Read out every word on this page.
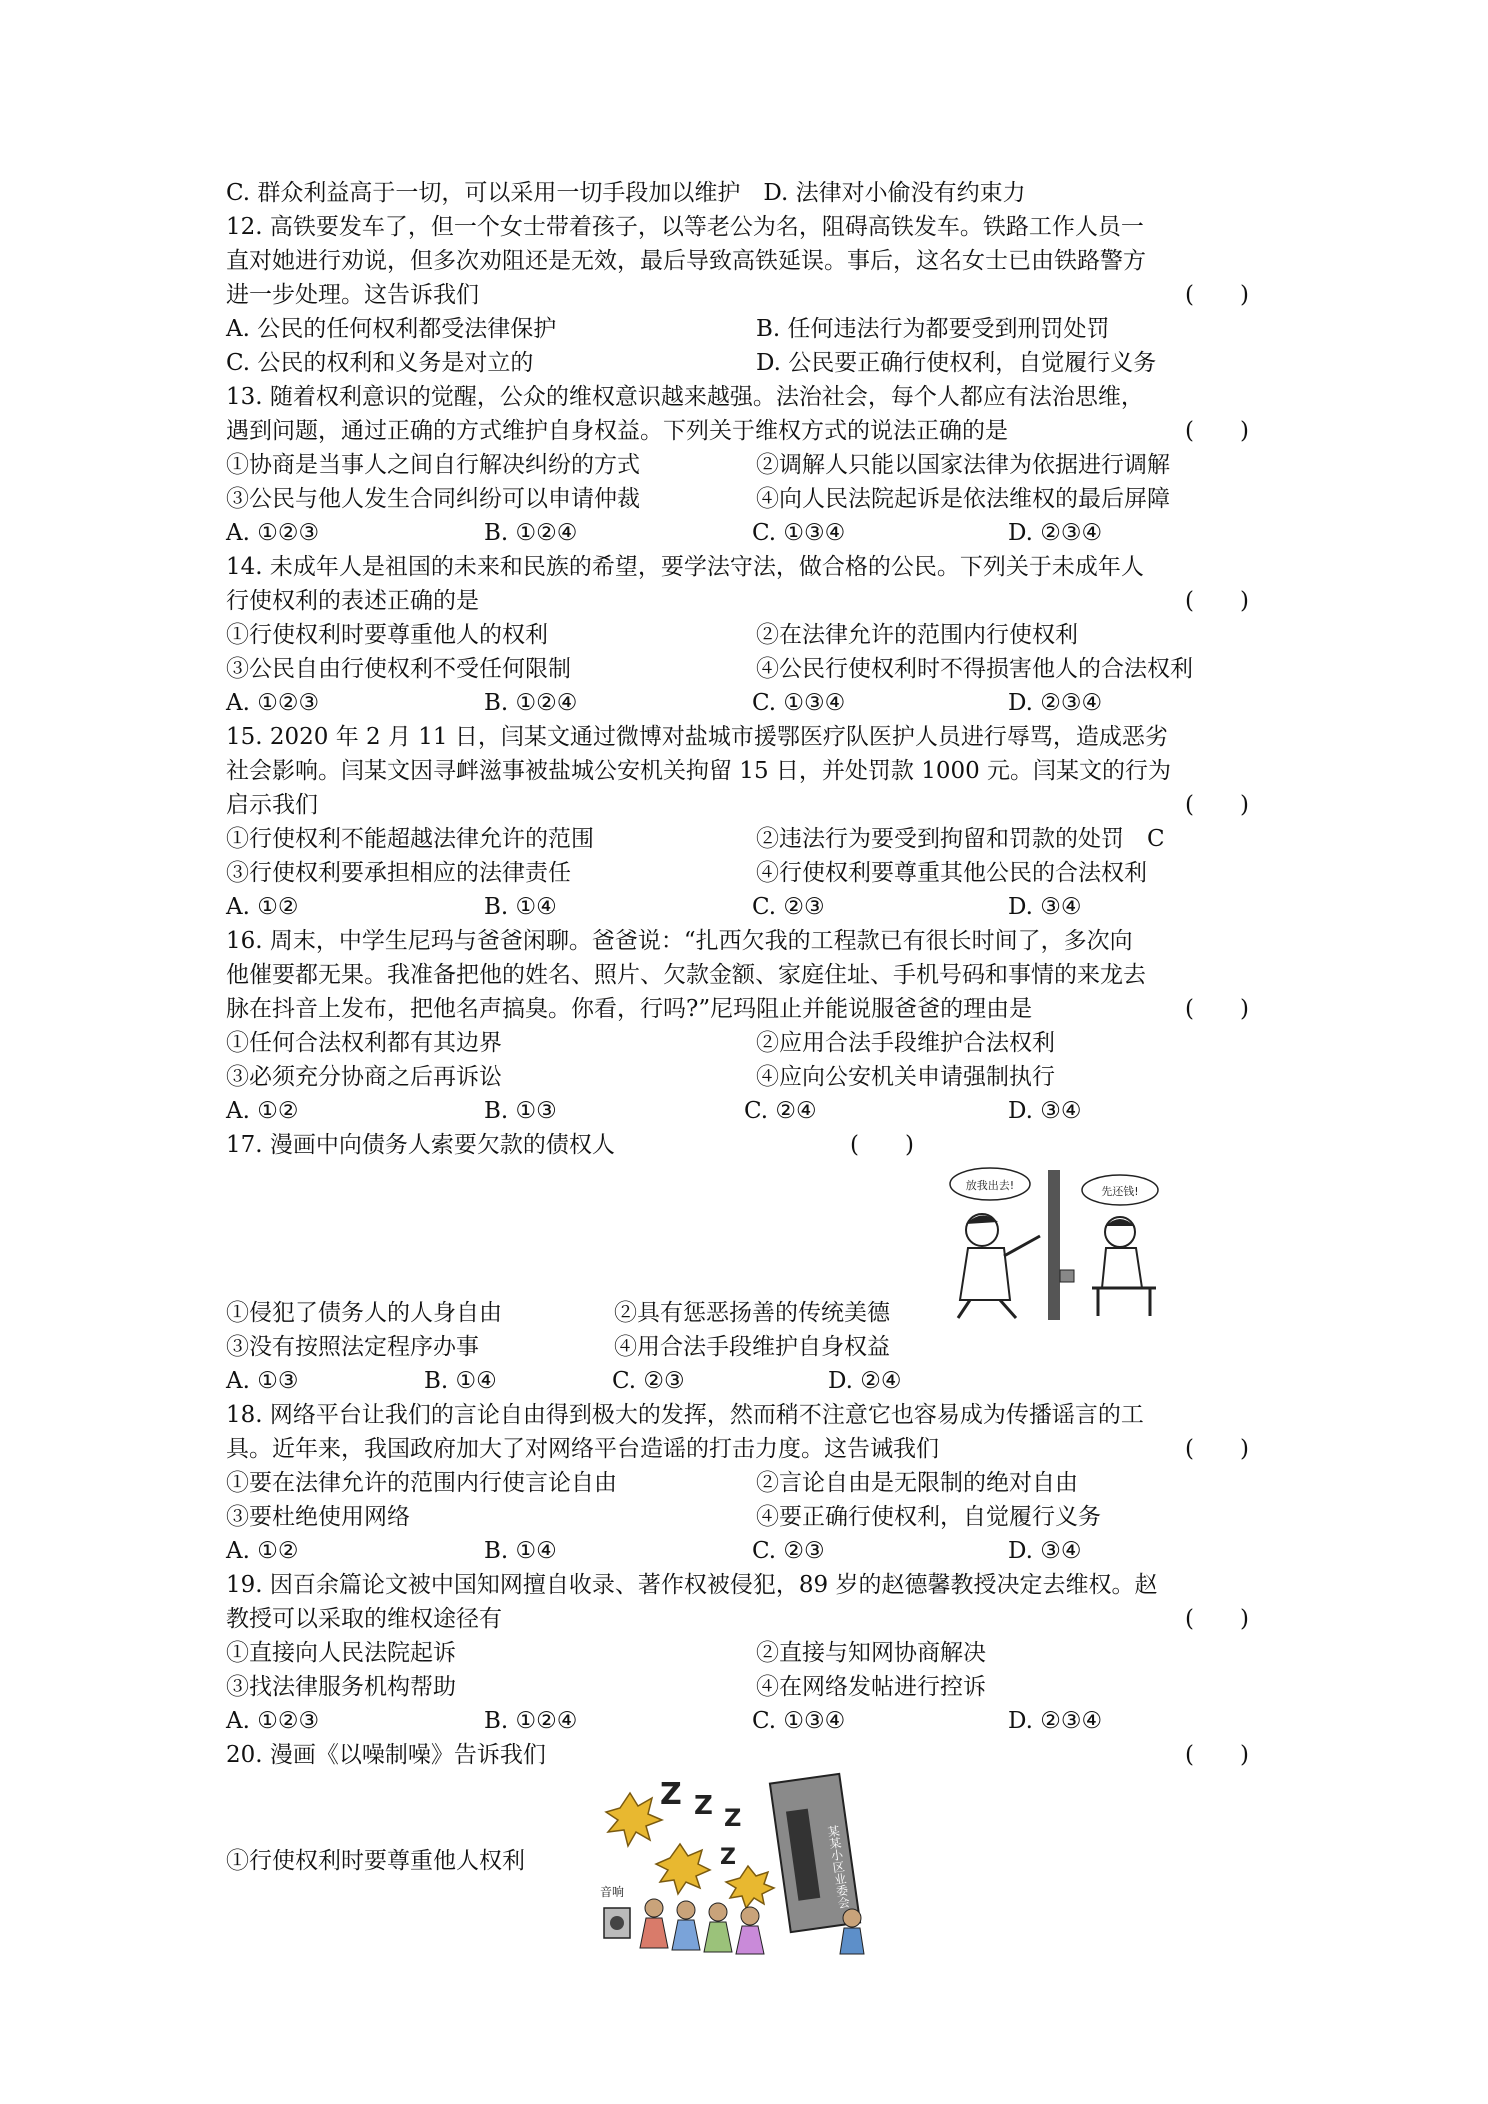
C. 群众利益高于一切，可以采用一切手段加以维护　D. 法律对小偷没有约束力
12. 高铁要发车了，但一个女士带着孩子，以等老公为名，阻碍高铁发车。铁路工作人员一
直对她进行劝说，但多次劝阻还是无效，最后导致高铁延误。事后，这名女士已由铁路警方
进一步处理。这告诉我们	(　　)
A. 公民的任何权利都受法律保护	B. 任何违法行为都要受到刑罚处罚
C. 公民的权利和义务是对立的	D. 公民要正确行使权利，自觉履行义务
13. 随着权利意识的觉醒，公众的维权意识越来越强。法治社会，每个人都应有法治思维，
遇到问题，通过正确的方式维护自身权益。下列关于维权方式的说法正确的是	(　　)
①协商是当事人之间自行解决纠纷的方式	②调解人只能以国家法律为依据进行调解
③公民与他人发生合同纠纷可以申请仲裁	④向人民法院起诉是依法维权的最后屏障
A. ①②③	B. ①②④	C. ①③④	D. ②③④
14. 未成年人是祖国的未来和民族的希望，要学法守法，做合格的公民。下列关于未成年人
行使权利的表述正确的是	(　　)
①行使权利时要尊重他人的权利	②在法律允许的范围内行使权利
③公民自由行使权利不受任何限制	④公民行使权利时不得损害他人的合法权利
A. ①②③	B. ①②④	C. ①③④	D. ②③④
15. 2020 年 2 月 11 日，闫某文通过微博对盐城市援鄂医疗队医护人员进行辱骂，造成恶劣
社会影响。闫某文因寻衅滋事被盐城公安机关拘留 15 日，并处罚款 1000 元。闫某文的行为
启示我们	(　　)
①行使权利不能超越法律允许的范围	②违法行为要受到拘留和罚款的处罚　C
③行使权利要承担相应的法律责任	④行使权利要尊重其他公民的合法权利
A. ①②	B. ①④	C. ②③	D. ③④
16. 周末，中学生尼玛与爸爸闲聊。爸爸说：“扎西欠我的工程款已有很长时间了，多次向
他催要都无果。我准备把他的姓名、照片、欠款金额、家庭住址、手机号码和事情的来龙去
脉在抖音上发布，把他名声搞臭。你看，行吗?”尼玛阻止并能说服爸爸的理由是	(　　)
①任何合法权利都有其边界	②应用合法手段维护合法权利
③必须充分协商之后再诉讼	④应向公安机关申请强制执行
A. ①②	B. ①③	C. ②④	D. ③④
17. 漫画中向债务人索要欠款的债权人	(　　)
放我出去!	先还钱!
①侵犯了债务人的人身自由	②具有惩恶扬善的传统美德
③没有按照法定程序办事	④用合法手段维护自身权益
A. ①③	B. ①④	C. ②③	D. ②④
18. 网络平台让我们的言论自由得到极大的发挥，然而稍不注意它也容易成为传播谣言的工
具。近年来，我国政府加大了对网络平台造谣的打击力度。这告诫我们	(　　)
①要在法律允许的范围内行使言论自由	②言论自由是无限制的绝对自由
③要杜绝使用网络	④要正确行使权利，自觉履行义务
A. ①②	B. ①④	C. ②③	D. ③④
19. 因百余篇论文被中国知网擅自收录、著作权被侵犯，89 岁的赵德馨教授决定去维权。赵
教授可以采取的维权途径有	(　　)
①直接向人民法院起诉	②直接与知网协商解决
③找法律服务机构帮助	④在网络发帖进行控诉
A. ①②③	B. ①②④	C. ①③④	D. ②③④
20. 漫画《以噪制噪》告诉我们	(　　)
Z Z Z
Z	某某小区业委会
音响
①行使权利时要尊重他人权利
